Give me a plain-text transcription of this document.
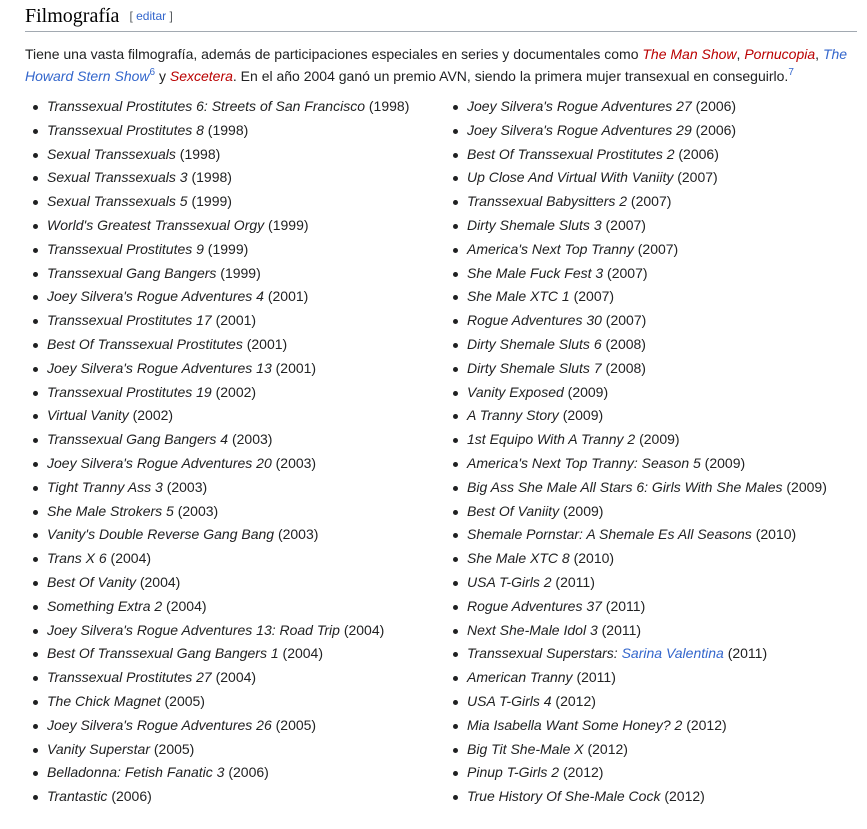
Filmografía [ editar ]

Tiene una vasta filmografía, además de participaciones especiales en series y documentales como The Man Show, Pornucopia, The Howard Stern Show$^6$ y Sexcetera. En el año 2004 ganó un premio AVN, siendo la primera mujer transexual en conseguirlo.$^7$

Transsexual Prostitutes 6: Streets of San Francisco (1998)
Transsexual Prostitutes 8 (1998)
Sexual Transsexuals (1998)
Sexual Transsexuals 3 (1998)
Sexual Transsexuals 5 (1999)
World's Greatest Transsexual Orgy (1999)
Transsexual Prostitutes 9 (1999)
Transsexual Gang Bangers (1999)
Joey Silvera's Rogue Adventures 4 (2001)
Transsexual Prostitutes 17 (2001)
Best Of Transsexual Prostitutes (2001)
Joey Silvera's Rogue Adventures 13 (2001)
Transsexual Prostitutes 19 (2002)
Virtual Vanity (2002)
Transsexual Gang Bangers 4 (2003)
Joey Silvera's Rogue Adventures 20 (2003)
Tight Tranny Ass 3 (2003)
She Male Strokers 5 (2003)
Vanity's Double Reverse Gang Bang (2003)
Trans X 6 (2004)
Best Of Vanity (2004)
Something Extra 2 (2004)
Joey Silvera's Rogue Adventures 13: Road Trip (2004)
Best Of Transsexual Gang Bangers 1 (2004)
Transsexual Prostitutes 27 (2004)
The Chick Magnet (2005)
Joey Silvera's Rogue Adventures 26 (2005)
Vanity Superstar (2005)
Belladonna: Fetish Fanatic 3 (2006)
Trantastic (2006)
Joey Silvera's Rogue Adventures 27 (2006)
Joey Silvera's Rogue Adventures 29 (2006)
Best Of Transsexual Prostitutes 2 (2006)
Up Close And Virtual With Vaniity (2007)
Transsexual Babysitters 2 (2007)
Dirty Shemale Sluts 3 (2007)
America's Next Top Tranny (2007)
She Male Fuck Fest 3 (2007)
She Male XTC 1 (2007)
Rogue Adventures 30 (2007)
Dirty Shemale Sluts 6 (2008)
Dirty Shemale Sluts 7 (2008)
Vanity Exposed (2009)
A Tranny Story (2009)
1st Equipo With A Tranny 2 (2009)
America's Next Top Tranny: Season 5 (2009)
Big Ass She Male All Stars 6: Girls With She Males (2009)
Best Of Vaniity (2009)
Shemale Pornstar: A Shemale Es All Seasons (2010)
She Male XTC 8 (2010)
USA T-Girls 2 (2011)
Rogue Adventures 37 (2011)
Next She-Male Idol 3 (2011)
Transsexual Superstars: Sarina Valentina (2011)
American Tranny (2011)
USA T-Girls 4 (2012)
Mia Isabella Want Some Honey? 2 (2012)
Big Tit She-Male X (2012)
Pinup T-Girls 2 (2012)
True History Of She-Male Cock (2012)
